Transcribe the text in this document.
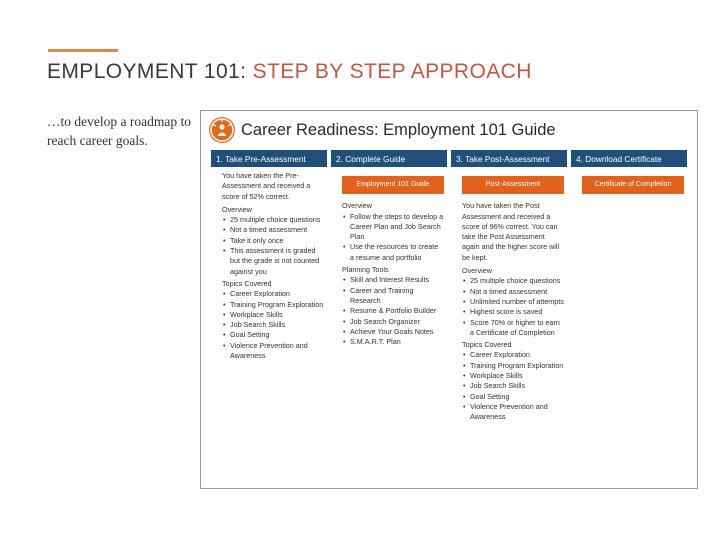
EMPLOYMENT 101: STEP BY STEP APPROACH
…to develop a roadmap to reach career goals.
Career Readiness: Employment 101 Guide
1. Take Pre-Assessment

You have taken the Pre-Assessment and received a score of 52% correct.

Overview
• 25 multiple choice questions
• Not a timed assessment
• Take it only once
• This assessment is graded but the grade is not counted against you
Topics Covered
• Career Exploration
• Training Program Exploration
• Workplace Skills
• Job Search Skills
• Goal Setting
• Violence Prevention and Awareness
2. Complete Guide
Employment 101 Guide
Overview
• Follow the steps to develop a Career Plan and Job Search Plan
• Use the resources to create a resume and portfolio
Planning Tools
• Skill and Interest Results
• Career and Training Research
• Resume & Portfolio Builder
• Job Search Organizer
• Achieve Your Goals Notes
• S.M.A.R.T. Plan
3. Take Post-Assessment
Post-Assessment

You have taken the Post Assessment and received a score of 96% correct. You can take the Post Assessment again and the higher score will be kept.

Overview
• 25 multiple choice questions
• Not a timed assessment
• Unlimited number of attempts
• Highest score is saved
• Score 70% or higher to earn a Certificate of Completion
Topics Covered
• Career Exploration
• Training Program Exploration
• Workplace Skills
• Job Search Skills
• Goal Setting
• Violence Prevention and Awareness
4. Download Certificate
Certificate of Completion
